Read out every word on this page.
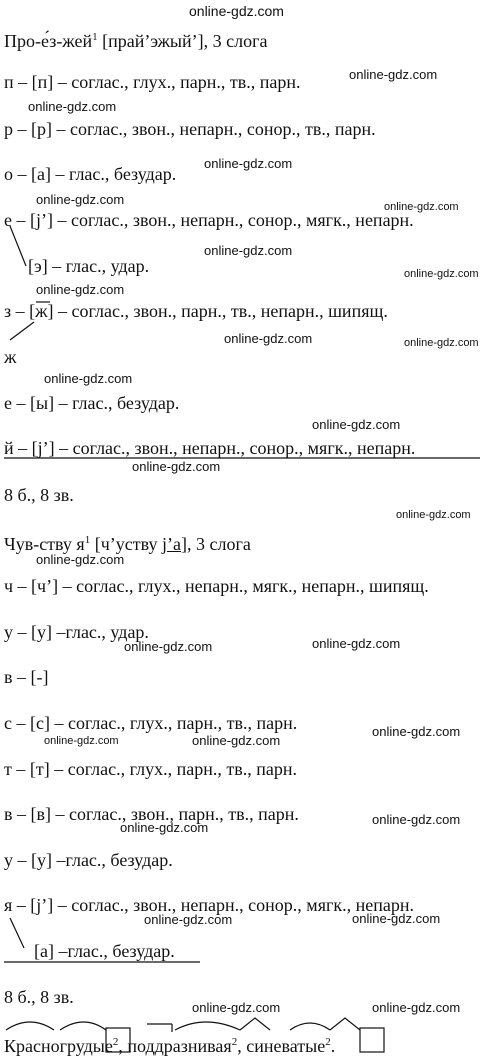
online-gdz.com
online-gdz.com
online-gdz.com
online-gdz.com
online-gdz.com	online-gdz.com
online-gdz.com
online-gdz.com
online-gdz.com
online-gdz.com	online-gdz.com
online-gdz.com
online-gdz.com
online-gdz.com
online-gdz.com
online-gdz.com
online-gdz.com	online-gdz.com
online-gdz.com
online-gdz.com	online-gdz.com
online-gdz.com
online-gdz.com
online-gdz.com	online-gdz.com
online-gdz.com	online-gdz.com
Про-е́з-жей$^1$ [прай’эжый’], 3 слога
п – [п] – соглас., глух., парн., тв., парн.
р – [р] – соглас., звон., непарн., сонор., тв., парн.
о – [а] – глас., безудар.
е – [j’] – соглас., звон., непарн., сонор., мягк., непарн.
[э] – глас., удар.
з – [ж] – соглас., звон., парн., тв., непарн., шипящ.
ж
е – [ы] – глас., безудар.
й – [j’] – соглас., звон., непарн., сонор., мягк., непарн.
8 б., 8 зв.
Чув-ству $я^1$ [ч’уству j’а], 3 слога
ч – [ч’] – соглас., глух., непарн., мягк., непарн., шипящ.
у – [у] –глас., удар.
в – [-]
с – [с] – соглас., глух., парн., тв., парн.
т – [т] – соглас., глух., парн., тв., парн.
в – [в] – соглас., звон., парн., тв., парн.
у – [у] –глас., безудар.
я – [j’] – соглас., звон., непарн., сонор., мягк., непарн.
[а] –глас., безудар.
8 б., 8 зв.
Красногрудые$^2$, поддразнивая$^2$, синеватые$^2$.
